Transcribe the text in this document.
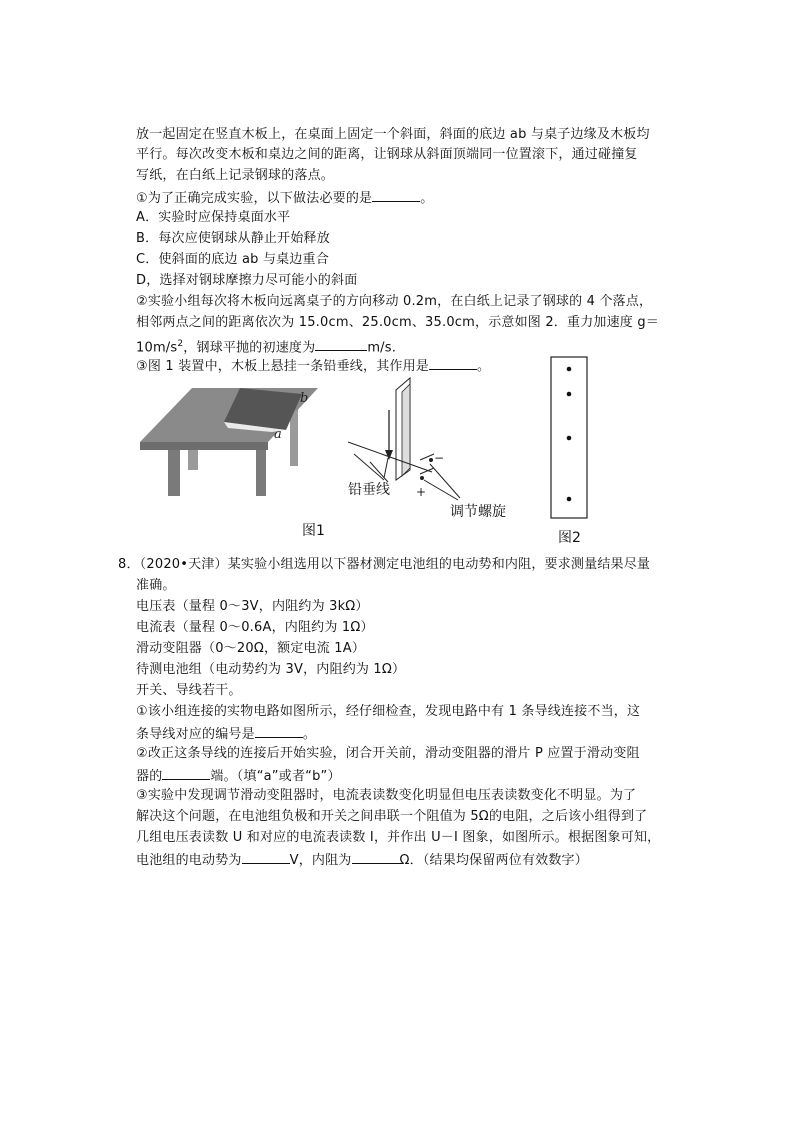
放一起固定在竖直木板上，在桌面上固定一个斜面，斜面的底边 ab 与桌子边缘及木板均
平行。每次改变木板和桌边之间的距离，让钢球从斜面顶端同一位置滚下，通过碰撞复
写纸，在白纸上记录钢球的落点。
①为了正确完成实验，以下做法必要的是	。
A．实验时应保持桌面水平
B．每次应使钢球从静止开始释放
C．使斜面的底边 ab 与桌边重合
D，选择对钢球摩擦力尽可能小的斜面
②实验小组每次将木板向远离桌子的方向移动 0.2m，在白纸上记录了钢球的 4 个落点，
相邻两点之间的距离依次为 15.0cm、25.0cm、35.0cm，示意如图 2．重力加速度 g＝
$10m/s^2$，钢球平抛的初速度为	m/s.
③图 1 装置中，木板上悬挂一条铅垂线，其作用是	。
b
a
−
+
铅垂线
调节螺旋
图1	图2
8．（2020•天津）某实验小组选用以下器材测定电池组的电动势和内阻，要求测量结果尽量
准确。
电压表（量程 0～3V，内阻约为 3kΩ）
电流表（量程 0～0.6A，内阻约为 1Ω）
滑动变阻器（0～20Ω，额定电流 1A）
待测电池组（电动势约为 3V，内阻约为 1Ω）
开关、导线若干。
①该小组连接的实物电路如图所示，经仔细检查，发现电路中有 1 条导线连接不当，这
条导线对应的编号是	。
②改正这条导线的连接后开始实验，闭合开关前，滑动变阻器的滑片 P 应置于滑动变阻
器的	端。（填“a”或者“b”）
③实验中发现调节滑动变阻器时，电流表读数变化明显但电压表读数变化不明显。为了
解决这个问题，在电池组负极和开关之间串联一个阻值为 5Ω的电阻，之后该小组得到了
几组电压表读数 U 和对应的电流表读数 I，并作出 U－I 图象，如图所示。根据图象可知，
电池组的电动势为	V，内阻为	Ω．（结果均保留两位有效数字）
